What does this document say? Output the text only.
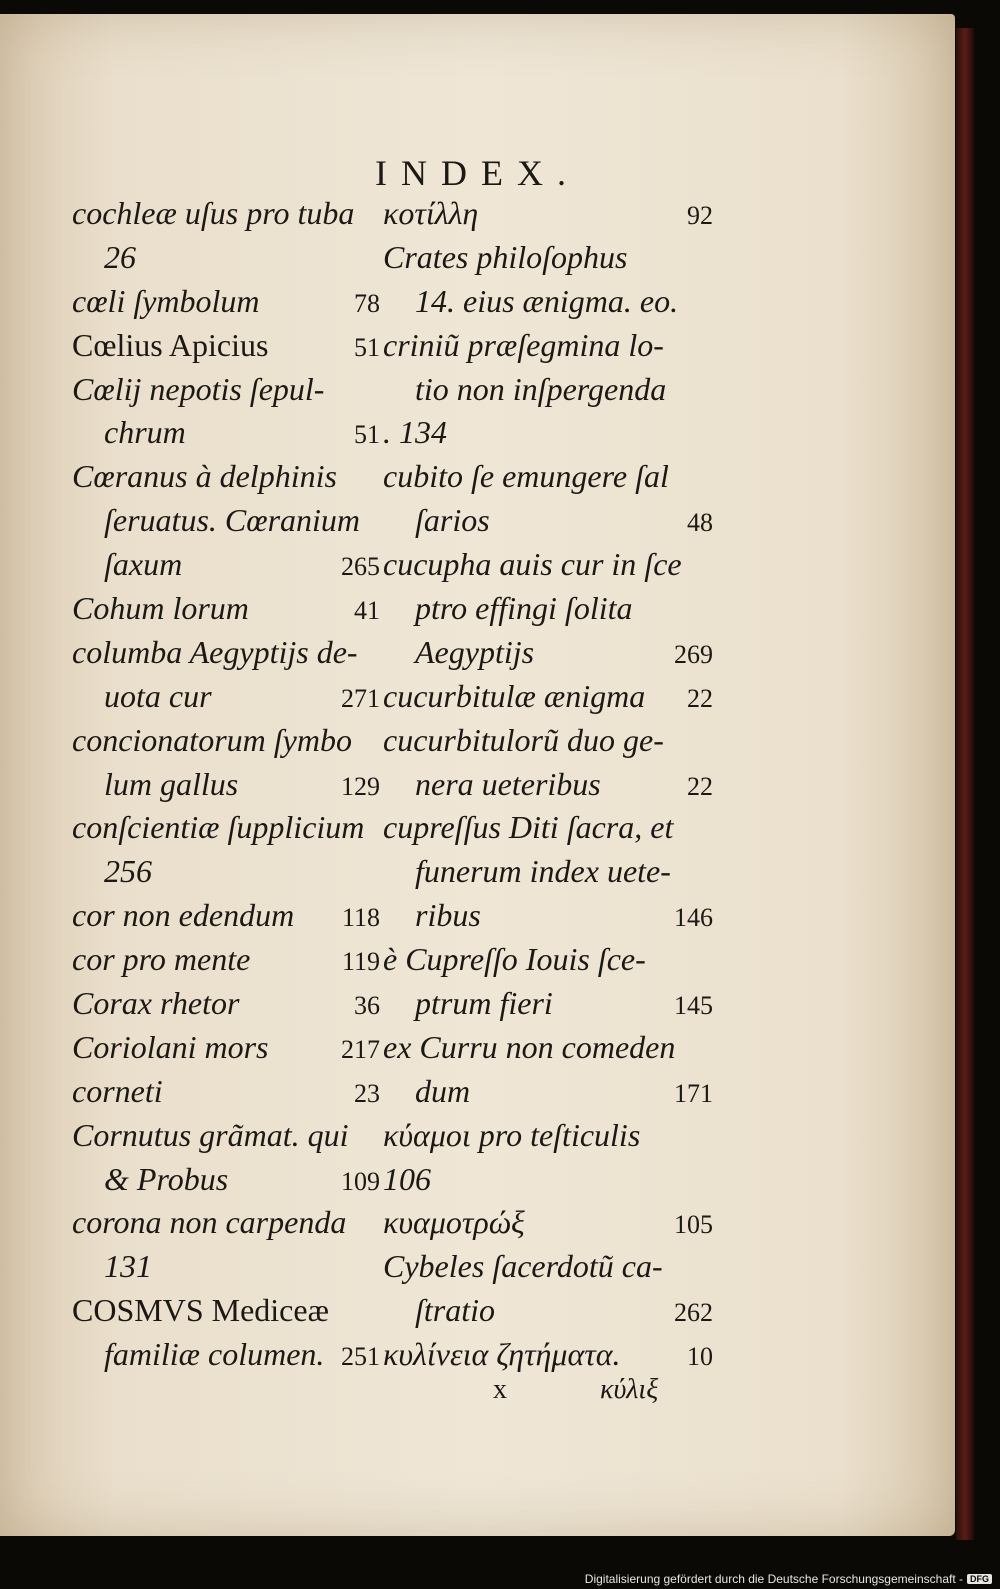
INDEX.
cochleæ uſus pro tuba
26
cœli ſymbolum	78
Cœlius Apicius	51
Cœlij nepotis ſepul-
chrum	51
Cœranus à delphinis
ſeruatus. Cœranium
ſaxum	265
Cohum lorum	41
columba Aegyptijs de-
uota cur	271
concionatorum ſymbo
lum gallus	129
conſcientiæ ſupplicium
256
cor non edendum	118
cor pro mente	119
Corax rhetor	36
Coriolani mors	217
corneti	23
Cornutus grãmat. qui
& Probus	109
corona non carpenda
131
COSMVS Mediceæ
familiæ columen. 251
κοτίλλη	92
Crates philoſophus
14. eius ænigma. eo.
criniũ præſegmina lo-
tio non inſpergenda
. 134
cubito ſe emungere ſal
ſarios	48
cucupha auis cur in ſce
ptro effingi ſolita
Aegyptijs	269
cucurbitulæ ænigma	22
cucurbitulorũ duo ge-
nera ueteribus	22
cupreſſus Diti ſacra, et
funerum index uete-
ribus	146
è Cupreſſo Iouis ſce-
ptrum fieri	145
ex Curru non comeden
dum	171
κύαμοι pro teſticulis
106
κυαμοτρώξ	105
Cybeles ſacerdotũ ca-
ſtratio	262
κυλίνεια ζητήματα.	10
x	κύλιξ
Digitalisierung gefördert durch die Deutsche Forschungsgemeinschaft - DFG
